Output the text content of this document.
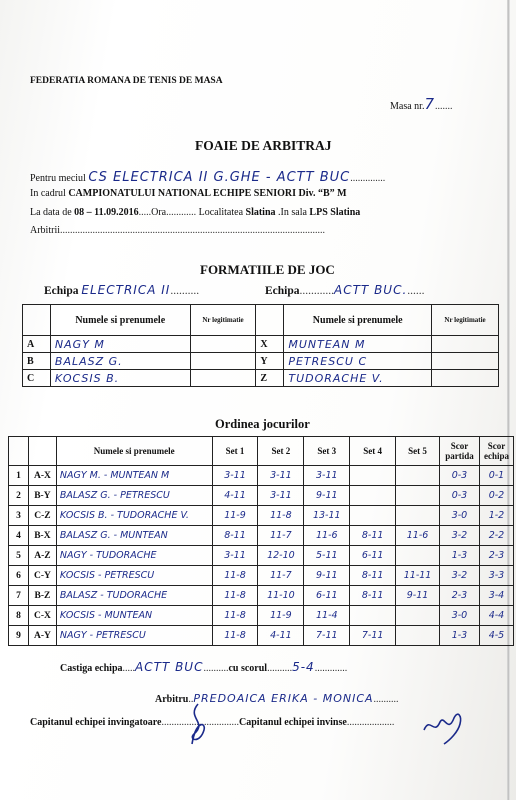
FEDERATIA ROMANA DE TENIS DE MASA
Masa nr.7.......
FOAIE DE ARBITRAJ
Pentru meciul CS ELECTRICA II G.GHE - ACTT BUC..............
In cadrul CAMPIONATULUI NATIONAL ECHIPE SENIORI Div. “B” M
La data de 08 – 11.09.2016.....Ora............ Localitatea Slatina .In sala LPS Slatina
Arbitrii..........................................................................................................
FORMATIILE DE JOC
Echipa ELECTRICA II..........	Echipa............ACTT BUC.......
	Numele si prenumele	Nr legitimatie		Numele si prenumele	Nr legitimatie
A	NAGY M		X	MUNTEAN M	
B	BALASZ G.		Y	PETRESCU C	
C	KOCSIS B.		Z	TUDORACHE V.	
Ordinea jocurilor
		Numele si prenumele	Set 1	Set 2	Set 3	Set 4	Set 5	Scor partida	Scor echipa
1	A-X	NAGY M. - MUNTEAN M	3-11	3-11	3-11			0-3	0-1
2	B-Y	BALASZ G. - PETRESCU	4-11	3-11	9-11			0-3	0-2
3	C-Z	KOCSIS B. - TUDORACHE V.	11-9	11-8	13-11			3-0	1-2
4	B-X	BALASZ G. - MUNTEAN	8-11	11-7	11-6	8-11	11-6	3-2	2-2
5	A-Z	NAGY - TUDORACHE	3-11	12-10	5-11	6-11		1-3	2-3
6	C-Y	KOCSIS - PETRESCU	11-8	11-7	9-11	8-11	11-11	3-2	3-3
7	B-Z	BALASZ - TUDORACHE	11-8	11-10	6-11	8-11	9-11	2-3	3-4
8	C-X	KOCSIS - MUNTEAN	11-8	11-9	11-4			3-0	4-4
9	A-Y	NAGY - PETRESCU	11-8	4-11	7-11	7-11		1-3	4-5
Castiga echipa.....ACTT BUC..........cu scorul..........5-4.............
Arbitru..PREDOAICA ERIKA - MONICA..........
Capitanul echipei invingatoare...............................Capitanul echipei invinse...................
